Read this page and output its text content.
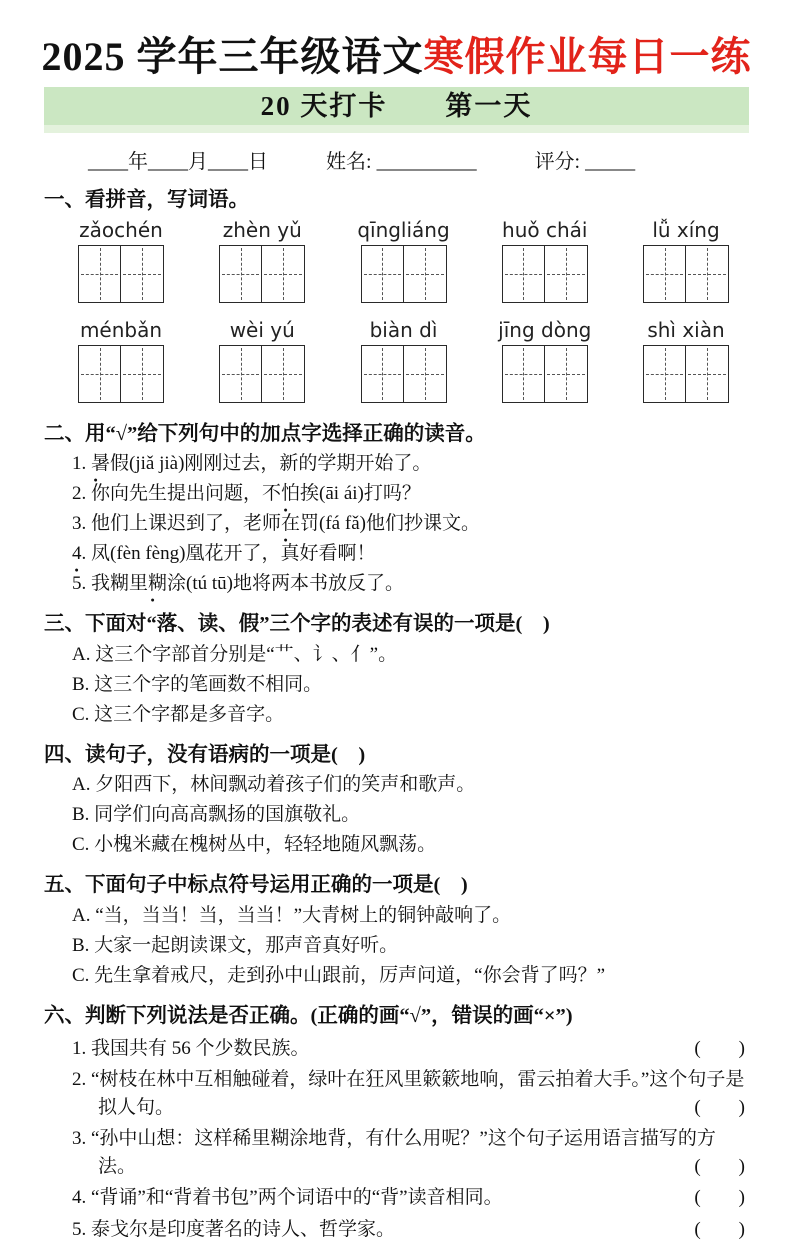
2025 学年三年级语文寒假作业每日一练
20 天打卡　　第一天
____年____月____日	姓名: __________	评分: _____
一、看拼音，写词语。
zǎochén	zhèn yǔ	qīngliáng	huǒ chái	lǚ xíng
ménbǎn	wèi yú	biàn dì	jīng dòng	shì xiàn
二、用“√”给下列句中的加点字选择正确的读音。
1. 暑假 ●(jiǎ jià)刚刚过去，新的学期开始了。
2. 你向先生提出问题，不怕挨 ●(āi ái)打吗？
3. 他们上课迟到了，老师在罚 ●(fá fǎ)他们抄课文。
4. 凤 ●(fèn fèng)凰花开了，真好看啊！
5. 我糊里糊涂 ●(tú tū)地将两本书放反了。
三、下面对“落、读、假”三个字的表述有误的一项是(　)
A. 这三个字部首分别是“艹、讠、亻”。
B. 这三个字的笔画数不相同。
C. 这三个字都是多音字。
四、读句子，没有语病的一项是(　)
A. 夕阳西下，林间飘动着孩子们的笑声和歌声。
B. 同学们向高高飘扬的国旗敬礼。
C. 小槐米藏在槐树丛中，轻轻地随风飘荡。
五、下面句子中标点符号运用正确的一项是(　)
A. “当，当当！当，当当！”大青树上的铜钟敲响了。
B. 大家一起朗读课文，那声音真好听。
C. 先生拿着戒尺，走到孙中山跟前，厉声问道，“你会背了吗？”
六、判断下列说法是否正确。(正确的画“√”，错误的画“×”)
1. 我国共有 56 个少数民族。	(　　)
2. “树枝在林中互相触碰着，绿叶在狂风里簌簌地响，雷云拍着大手。”这个句子是拟人句。	(　　)
3. “孙中山想：这样稀里糊涂地背，有什么用呢？”这个句子运用语言描写的方法。	(　　)
4. “背诵”和“背着书包”两个词语中的“背”读音相同。	(　　)
5. 泰戈尔是印度著名的诗人、哲学家。	(　　)
